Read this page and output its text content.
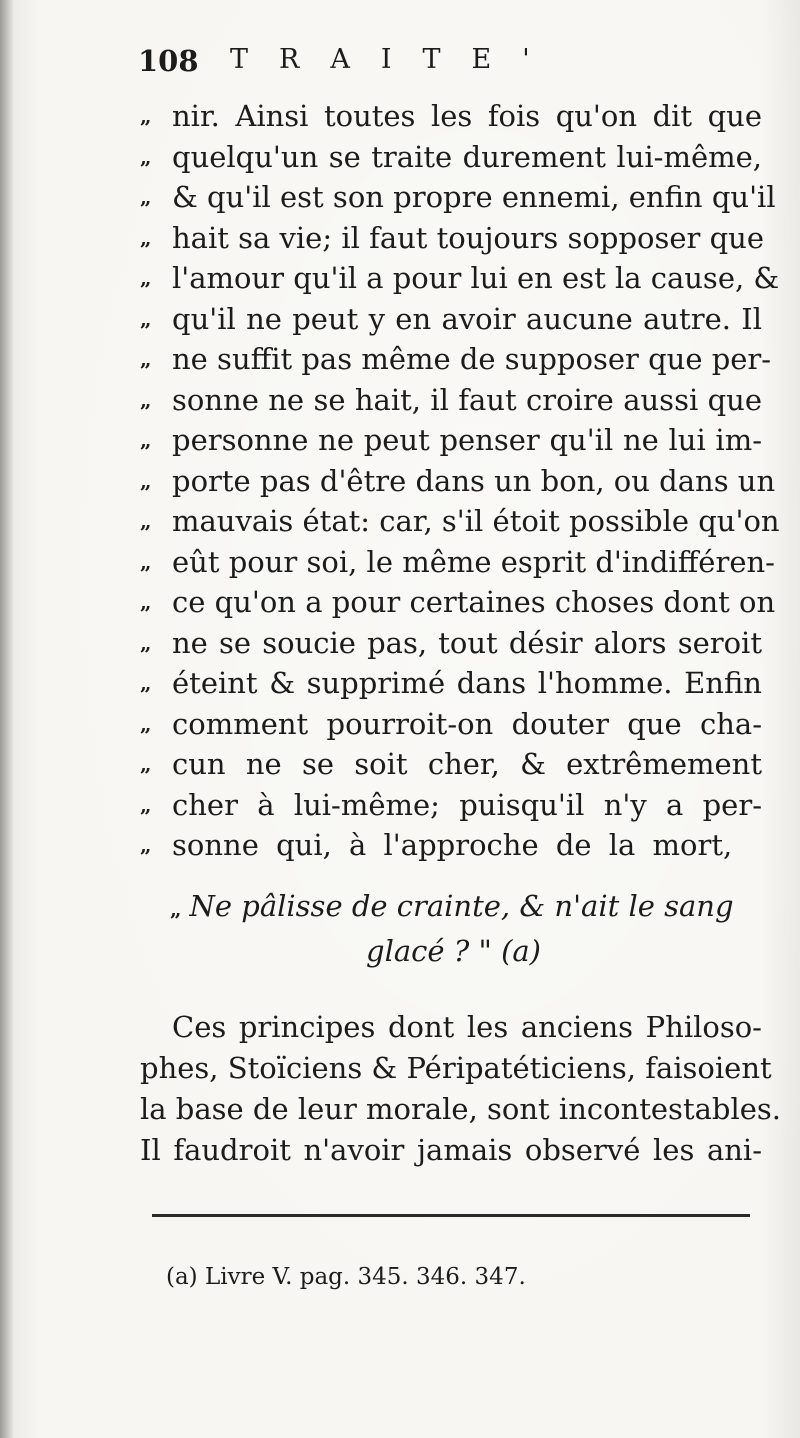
108 TRAITE'
„ nir. Ainsi toutes les fois qu'on dit que
„ quelqu'un se traite durement lui-même,
„ & qu'il est son propre ennemi, enfin qu'il
„ hait sa vie; il faut toujours sopposer que
„ l'amour qu'il a pour lui en est la cause, &
„ qu'il ne peut y en avoir aucune autre. Il
„ ne suffit pas même de supposer que per-
„ sonne ne se hait, il faut croire aussi que
„ personne ne peut penser qu'il ne lui im-
„ porte pas d'être dans un bon, ou dans un
„ mauvais état: car, s'il étoit possible qu'on
„ eût pour soi, le même esprit d'indifféren-
„ ce qu'on a pour certaines choses dont on
„ ne se soucie pas, tout désir alors seroit
„ éteint & supprimé dans l'homme. Enfin
„ comment pourroit-on douter que cha-
„ cun ne se soit cher, & extrêmement
„ cher à lui-même; puisqu'il n'y a per-
„ sonne qui, à l'approche de la mort,
„ Ne pâlisse de crainte, & n'ait le sang
glacé ? " (a)
Ces principes dont les anciens Philoso-
phes, Stoïciens & Péripatéticiens, faisoient
la base de leur morale, sont incontestables.
Il faudroit n'avoir jamais observé les ani-
(a) Livre V. pag. 345. 346. 347.
